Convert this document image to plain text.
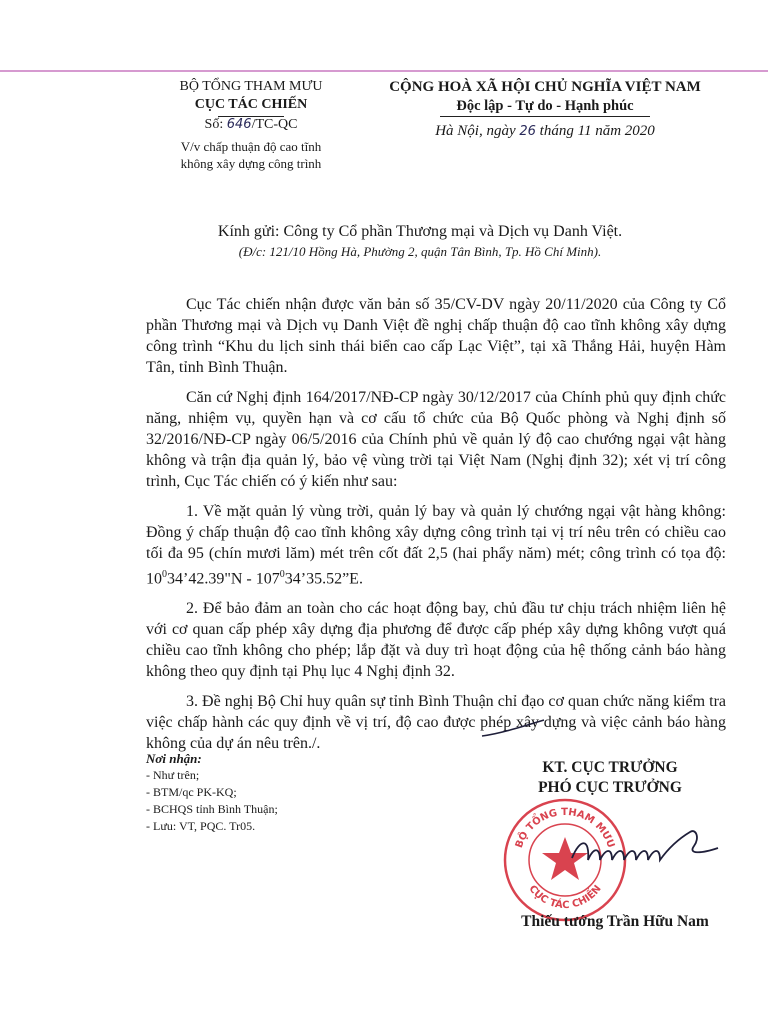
BỘ TỔNG THAM MƯU
CỤC TÁC CHIẾN
Số: 646/TC-QC
V/v chấp thuận độ cao tĩnh
không xây dựng công trình
CỘNG HOÀ XÃ HỘI CHỦ NGHĨA VIỆT NAM
Độc lập - Tự do - Hạnh phúc
Hà Nội, ngày 26 tháng 11 năm 2020
Kính gửi: Công ty Cổ phần Thương mại và Dịch vụ Danh Việt.
(Đ/c: 121/10 Hồng Hà, Phường 2, quận Tân Bình, Tp. Hồ Chí Minh).

Cục Tác chiến nhận được văn bản số 35/CV-DV ngày 20/11/2020 của Công ty Cổ phần Thương mại và Dịch vụ Danh Việt đề nghị chấp thuận độ cao tĩnh không xây dựng công trình “Khu du lịch sinh thái biển cao cấp Lạc Việt”, tại xã Thắng Hải, huyện Hàm Tân, tỉnh Bình Thuận.

Căn cứ Nghị định 164/2017/NĐ-CP ngày 30/12/2017 của Chính phủ quy định chức năng, nhiệm vụ, quyền hạn và cơ cấu tổ chức của Bộ Quốc phòng và Nghị định số 32/2016/NĐ-CP ngày 06/5/2016 của Chính phủ về quản lý độ cao chướng ngại vật hàng không và trận địa quản lý, bảo vệ vùng trời tại Việt Nam (Nghị định 32); xét vị trí công trình, Cục Tác chiến có ý kiến như sau:

1. Về mặt quản lý vùng trời, quản lý bay và quản lý chướng ngại vật hàng không: Đồng ý chấp thuận độ cao tĩnh không xây dựng công trình tại vị trí nêu trên có chiều cao tối đa 95 (chín mươi lăm) mét trên cốt đất 2,5 (hai phẩy năm) mét; công trình có tọa độ: $10^034’42.39"N$ - $107^034’35.52”E$.

2. Để bảo đảm an toàn cho các hoạt động bay, chủ đầu tư chịu trách nhiệm liên hệ với cơ quan cấp phép xây dựng địa phương để được cấp phép xây dựng không vượt quá chiều cao tĩnh không cho phép; lắp đặt và duy trì hoạt động của hệ thống cảnh báo hàng không theo quy định tại Phụ lục 4 Nghị định 32.

3. Đề nghị Bộ Chỉ huy quân sự tỉnh Bình Thuận chỉ đạo cơ quan chức năng kiểm tra việc chấp hành các quy định về vị trí, độ cao được phép xây dựng và việc cảnh báo hàng không của dự án nêu trên./.

Nơi nhận:
- Như trên;
- BTM/qc PK-KQ;
- BCHQS tỉnh Bình Thuận;
- Lưu: VT, PQC. Tr05.
KT. CỤC TRƯỞNG
PHÓ CỤC TRƯỞNG
BỘ TỔNG THAM MƯU
CỤC TÁC CHIẾN
Thiếu tướng Trần Hữu Nam
